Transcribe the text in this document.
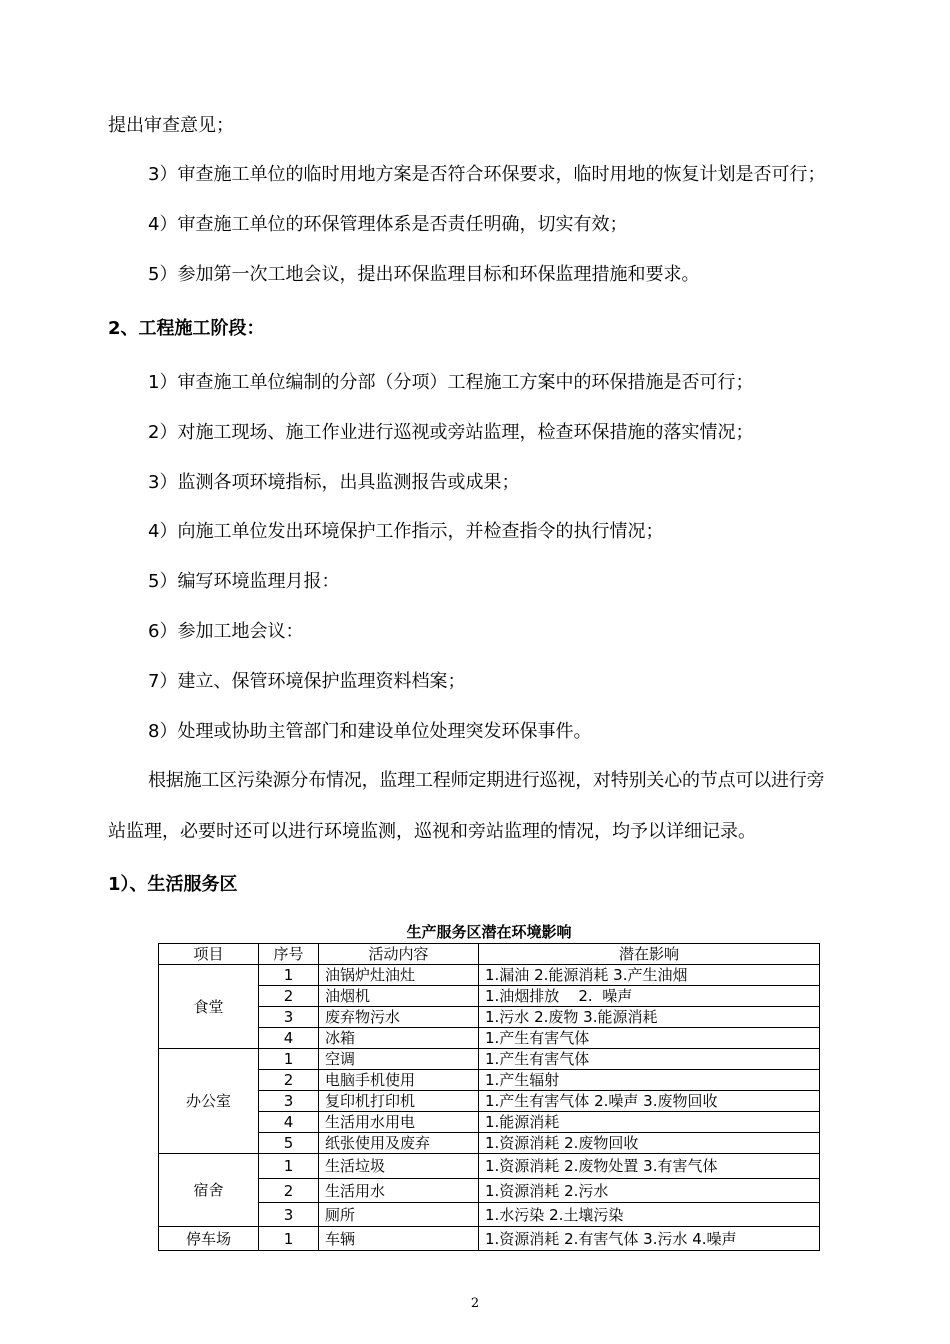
提出审查意见；
3）审查施工单位的临时用地方案是否符合环保要求，临时用地的恢复计划是否可行；
4）审查施工单位的环保管理体系是否责任明确，切实有效；
5）参加第一次工地会议，提出环保监理目标和环保监理措施和要求。
2、工程施工阶段：
1）审查施工单位编制的分部（分项）工程施工方案中的环保措施是否可行；
2）对施工现场、施工作业进行巡视或旁站监理，检查环保措施的落实情况；
3）监测各项环境指标，出具监测报告或成果；
4）向施工单位发出环境保护工作指示，并检查指令的执行情况；
5）编写环境监理月报：
6）参加工地会议：
7）建立、保管环境保护监理资料档案；
8）处理或协助主管部门和建设单位处理突发环保事件。
根据施工区污染源分布情况，监理工程师定期进行巡视，对特别关心的节点可以进行旁
站监理，必要时还可以进行环境监测，巡视和旁站监理的情况，均予以详细记录。
1）、生活服务区
生产服务区潜在环境影响
项目	序号	活动内容	潜在影响
食堂	1	油锅炉灶油灶	1.漏油 2.能源消耗 3.产生油烟
	2	油烟机	1.油烟排放    2.  噪声
	3	废弃物污水	1.污水 2.废物 3.能源消耗
	4	冰箱	1.产生有害气体
办公室	1	空调	1.产生有害气体
	2	电脑手机使用	1.产生辐射
	3	复印机打印机	1.产生有害气体 2.噪声 3.废物回收
	4	生活用水用电	1.能源消耗
	5	纸张使用及废弃	1.资源消耗 2.废物回收
宿舍	1	生活垃圾	1.资源消耗 2.废物处置 3.有害气体
	2	生活用水	1.资源消耗 2.污水
	3	厕所	1.水污染 2.土壤污染
停车场	1	车辆	1.资源消耗 2.有害气体 3.污水 4.噪声
2
